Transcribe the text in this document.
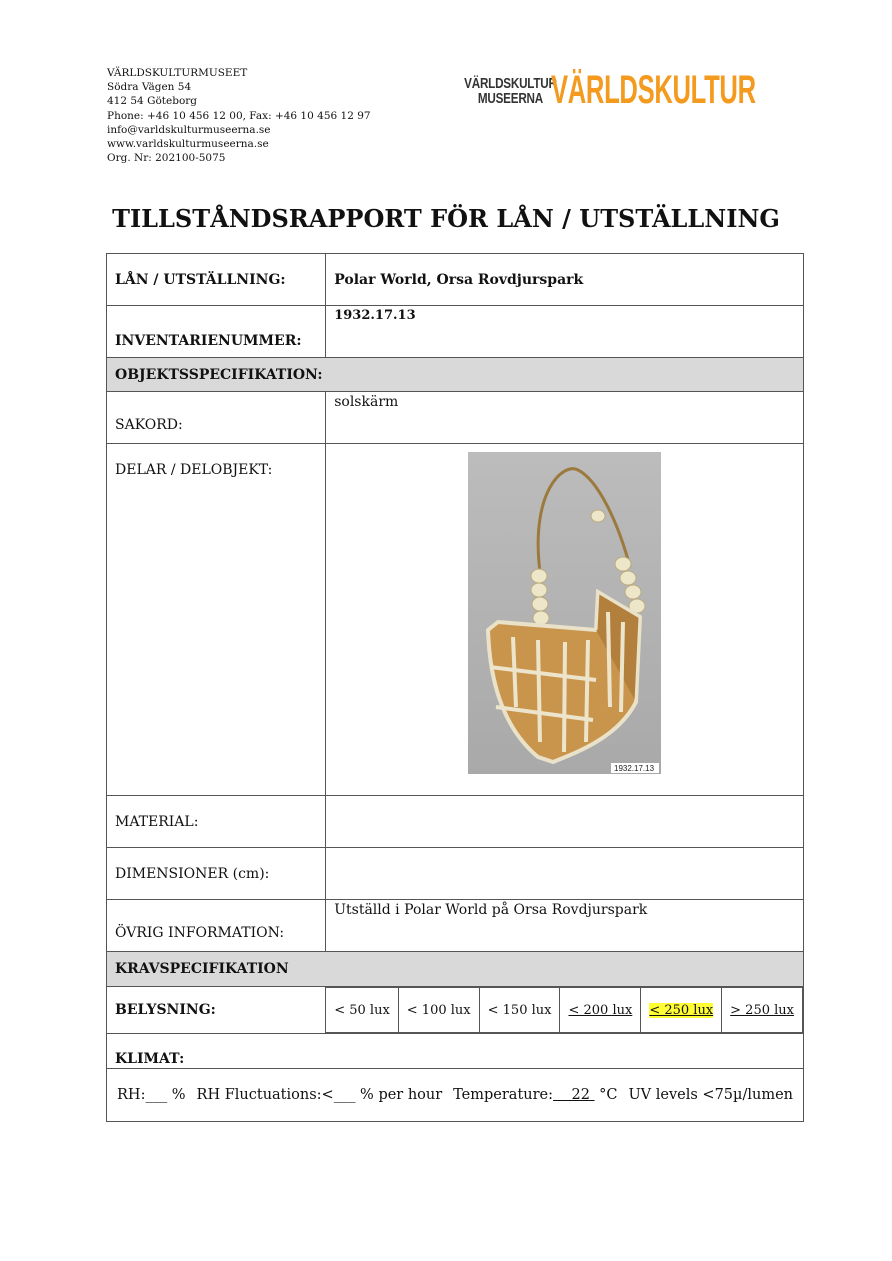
VÄRLDSKULTURMUSEET
Södra Vägen 54
412 54 Göteborg
Phone: +46 10 456 12 00, Fax: +46 10 456 12 97
info@varldskulturmuseerna.se
www.varldskulturmuseerna.se
Org. Nr: 202100-5075
VÄRLDSKULTUR
MUSEERNA VÄRLDSKULTUR
TILLSTÅNDSRAPPORT FÖR LÅN / UTSTÄLLNING
LÅN / UTSTÄLLNING:	Polar World, Orsa Rovdjurspark
INVENTARIENUMMER:	1932.17.13
OBJEKTSSPECIFIKATION:
SAKORD:	solskärm
DELAR / DELOBJEKT:	
1932.17.13

MATERIAL:	
DIMENSIONER (cm):	
ÖVRIG INFORMATION:	Utställd i Polar World på Orsa Rovdjurspark
KRAVSPECIFIKATION
BELYSNING:		< 50 lux	< 100 lux	< 150 lux	< 200 lux	< 250 lux	> 250 lux

KLIMAT:

RH:___ % RH Fluctuations:<___ % per hour Temperature: 22 °C UV levels <75µ/lumen
